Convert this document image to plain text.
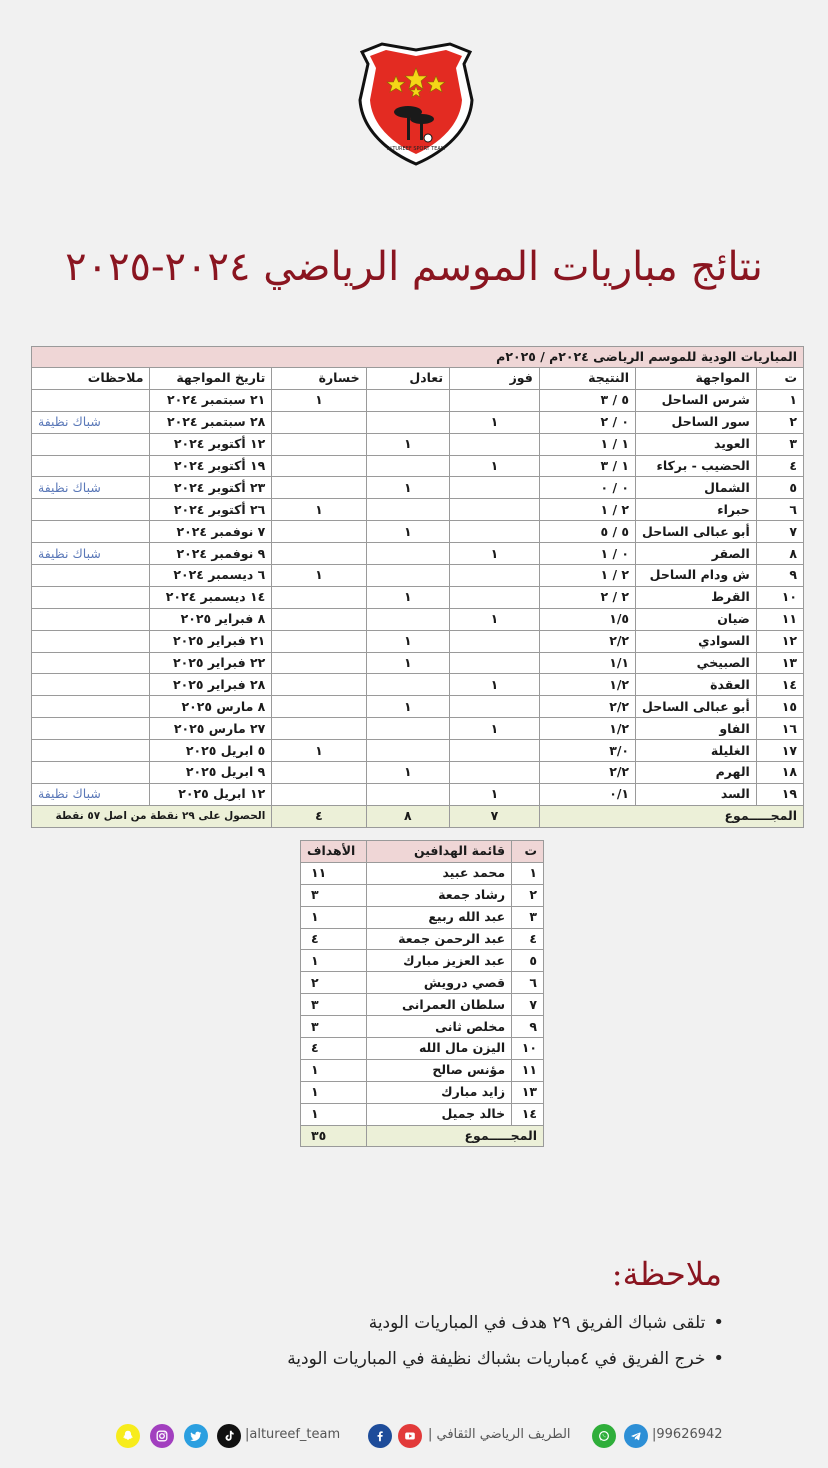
ALTUREEF SPORT TEAM
نتائج مباريات الموسم الرياضي ٢٠٢٤-٢٠٢٥
المباريات الودية للموسم الرياضى ٢٠٢٤م / ٢٠٢٥م							
ت	المواجهة	النتيجة	فوز	تعادل	خسارة	تاريخ المواجهة	ملاحظات
١	شرس الساحل	٥ / ٣			١	٢١ سبتمبر ٢٠٢٤	
٢	سور الساحل	٠ / ٢	١			٢٨ سبتمبر ٢٠٢٤	شباك نظيفة
٣	العويد	١ / ١		١		١٢ أكتوبر ٢٠٢٤	
٤	الحضيب - بركاء	١ / ٣	١			١٩ أكتوبر ٢٠٢٤	
٥	الشمال	٠ / ٠		١		٢٣ أكتوبر ٢٠٢٤	شباك نظيفة
٦	حبراء	٢ / ١			١	٢٦ أكتوبر ٢٠٢٤	
٧	أبو عبالى الساحل	٥ / ٥		١		٧ نوفمبر ٢٠٢٤	
٨	الصقر	٠ / ١	١			٩ نوفمبر ٢٠٢٤	شباك نظيفة
٩	ش ودام الساحل	٢ / ١			١	٦ ديسمبر ٢٠٢٤	
١٠	القرط	٢ / ٢		١		١٤ ديسمبر ٢٠٢٤	
١١	ضيان	١/٥	١			٨ فبراير ٢٠٢٥	
١٢	السوادي	٢/٢		١		٢١ فبراير ٢٠٢٥	
١٣	الصبيخي	١/١		١		٢٢ فبراير ٢٠٢٥	
١٤	العقدة	١/٢	١			٢٨ فبراير ٢٠٢٥	
١٥	أبو عبالى الساحل	٢/٢		١		٨ مارس ٢٠٢٥	
١٦	الفاو	١/٢	١			٢٧ مارس ٢٠٢٥	
١٧	الغليلة	٣/٠			١	٥ ابريل ٢٠٢٥	
١٨	الهرم	٢/٢		١		٩ ابريل ٢٠٢٥	
١٩	السد	٠/١	١			١٢ ابريل ٢٠٢٥	شباك نظيفة
المجـــــموع			٧	٨	٤	الحصول على ٢٩ نقطة من اصل ٥٧ نقطة	
ت	قائمة الهدافين	الأهداف
١	محمد عبيد	١١
٢	رشاد جمعة	٣
٣	عبد الله ربيع	١
٤	عبد الرحمن جمعة	٤
٥	عبد العزيز مبارك	١
٦	قصي درويش	٢
٧	سلطان العمرانى	٣
٩	مخلص ثانى	٣
١٠	اليزن مال الله	٤
١١	مؤنس صالح	١
١٣	زايد مبارك	١
١٤	خالد جميل	١
المجـــــموع		٣٥
ملاحظة:
• تلقى شباك الفريق ٢٩ هدف في المباريات الودية
• خرج الفريق في ٤مباريات بشباك نظيفة في المباريات الودية
|altureef_team	الطريف الرياضي الثقافي |	|99626942
